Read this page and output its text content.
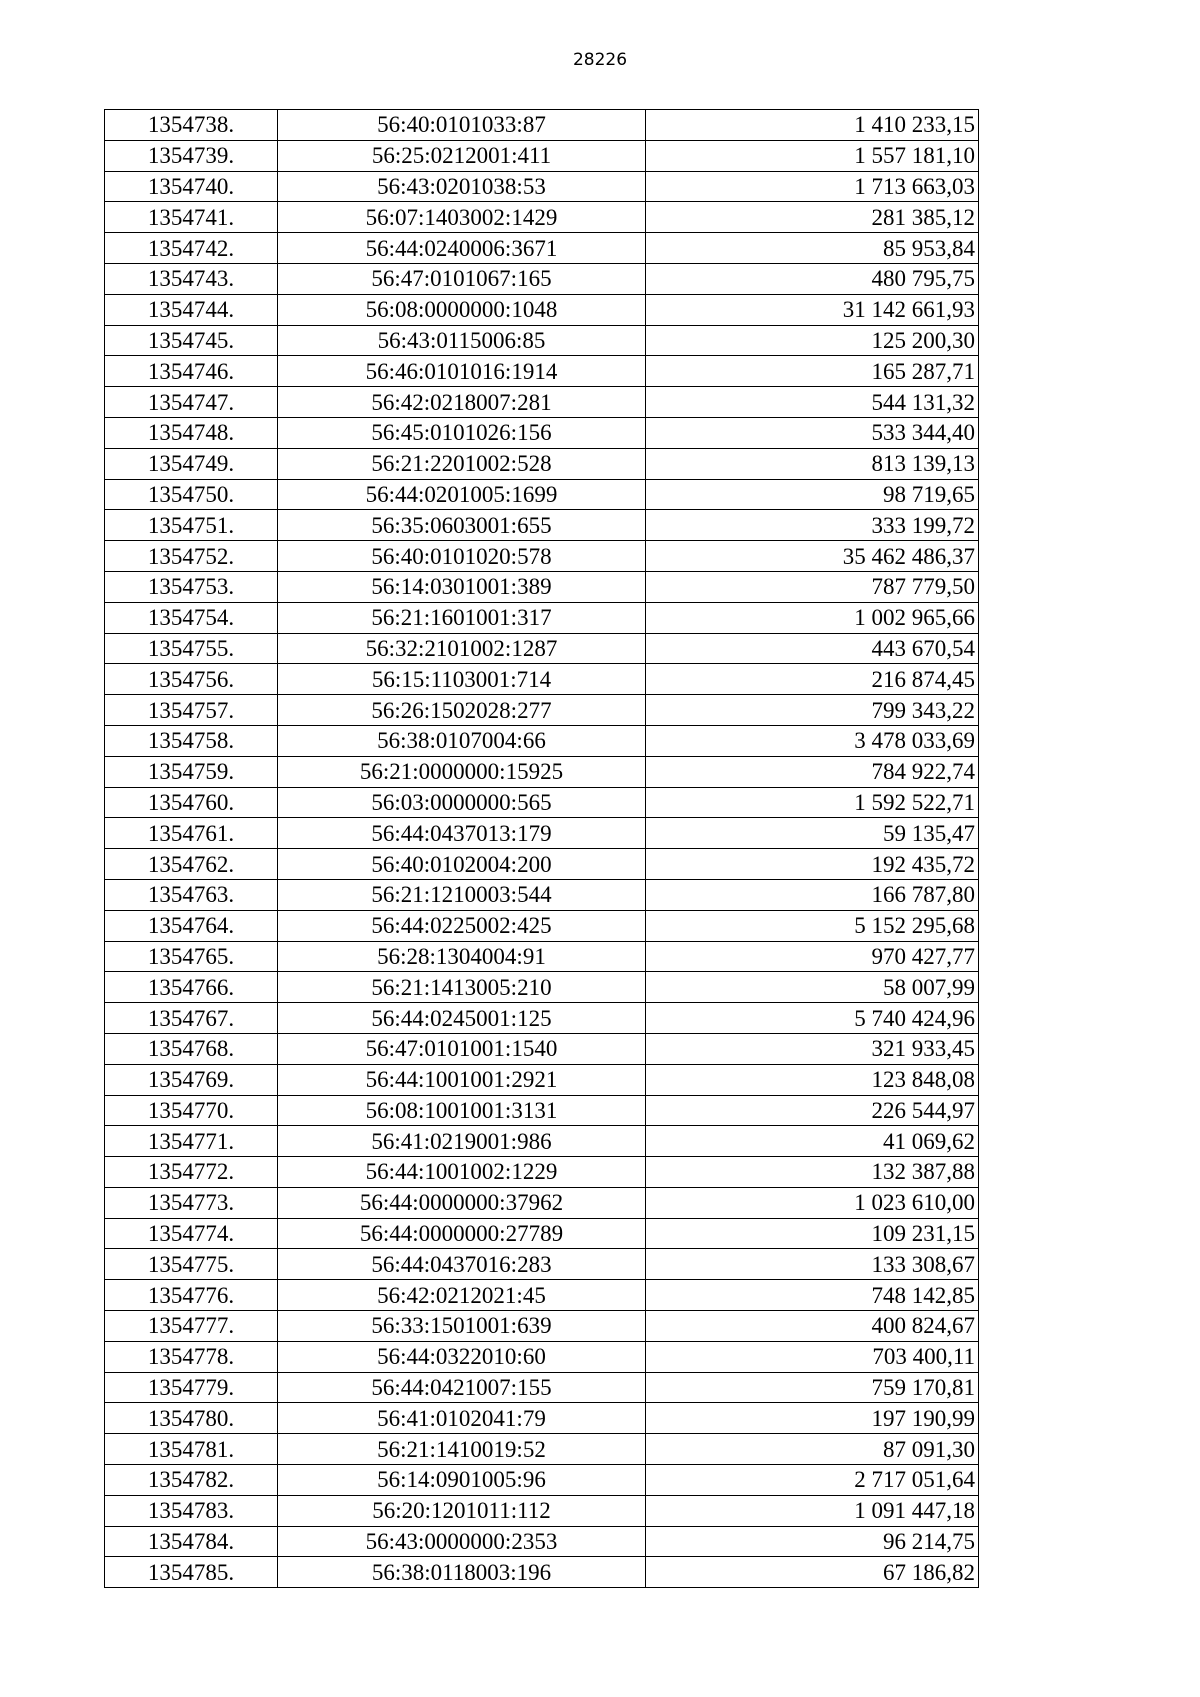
28226
1354738.	56:40:0101033:87	1 410 233,15
1354739.	56:25:0212001:411	1 557 181,10
1354740.	56:43:0201038:53	1 713 663,03
1354741.	56:07:1403002:1429	281 385,12
1354742.	56:44:0240006:3671	85 953,84
1354743.	56:47:0101067:165	480 795,75
1354744.	56:08:0000000:1048	31 142 661,93
1354745.	56:43:0115006:85	125 200,30
1354746.	56:46:0101016:1914	165 287,71
1354747.	56:42:0218007:281	544 131,32
1354748.	56:45:0101026:156	533 344,40
1354749.	56:21:2201002:528	813 139,13
1354750.	56:44:0201005:1699	98 719,65
1354751.	56:35:0603001:655	333 199,72
1354752.	56:40:0101020:578	35 462 486,37
1354753.	56:14:0301001:389	787 779,50
1354754.	56:21:1601001:317	1 002 965,66
1354755.	56:32:2101002:1287	443 670,54
1354756.	56:15:1103001:714	216 874,45
1354757.	56:26:1502028:277	799 343,22
1354758.	56:38:0107004:66	3 478 033,69
1354759.	56:21:0000000:15925	784 922,74
1354760.	56:03:0000000:565	1 592 522,71
1354761.	56:44:0437013:179	59 135,47
1354762.	56:40:0102004:200	192 435,72
1354763.	56:21:1210003:544	166 787,80
1354764.	56:44:0225002:425	5 152 295,68
1354765.	56:28:1304004:91	970 427,77
1354766.	56:21:1413005:210	58 007,99
1354767.	56:44:0245001:125	5 740 424,96
1354768.	56:47:0101001:1540	321 933,45
1354769.	56:44:1001001:2921	123 848,08
1354770.	56:08:1001001:3131	226 544,97
1354771.	56:41:0219001:986	41 069,62
1354772.	56:44:1001002:1229	132 387,88
1354773.	56:44:0000000:37962	1 023 610,00
1354774.	56:44:0000000:27789	109 231,15
1354775.	56:44:0437016:283	133 308,67
1354776.	56:42:0212021:45	748 142,85
1354777.	56:33:1501001:639	400 824,67
1354778.	56:44:0322010:60	703 400,11
1354779.	56:44:0421007:155	759 170,81
1354780.	56:41:0102041:79	197 190,99
1354781.	56:21:1410019:52	87 091,30
1354782.	56:14:0901005:96	2 717 051,64
1354783.	56:20:1201011:112	1 091 447,18
1354784.	56:43:0000000:2353	96 214,75
1354785.	56:38:0118003:196	67 186,82
